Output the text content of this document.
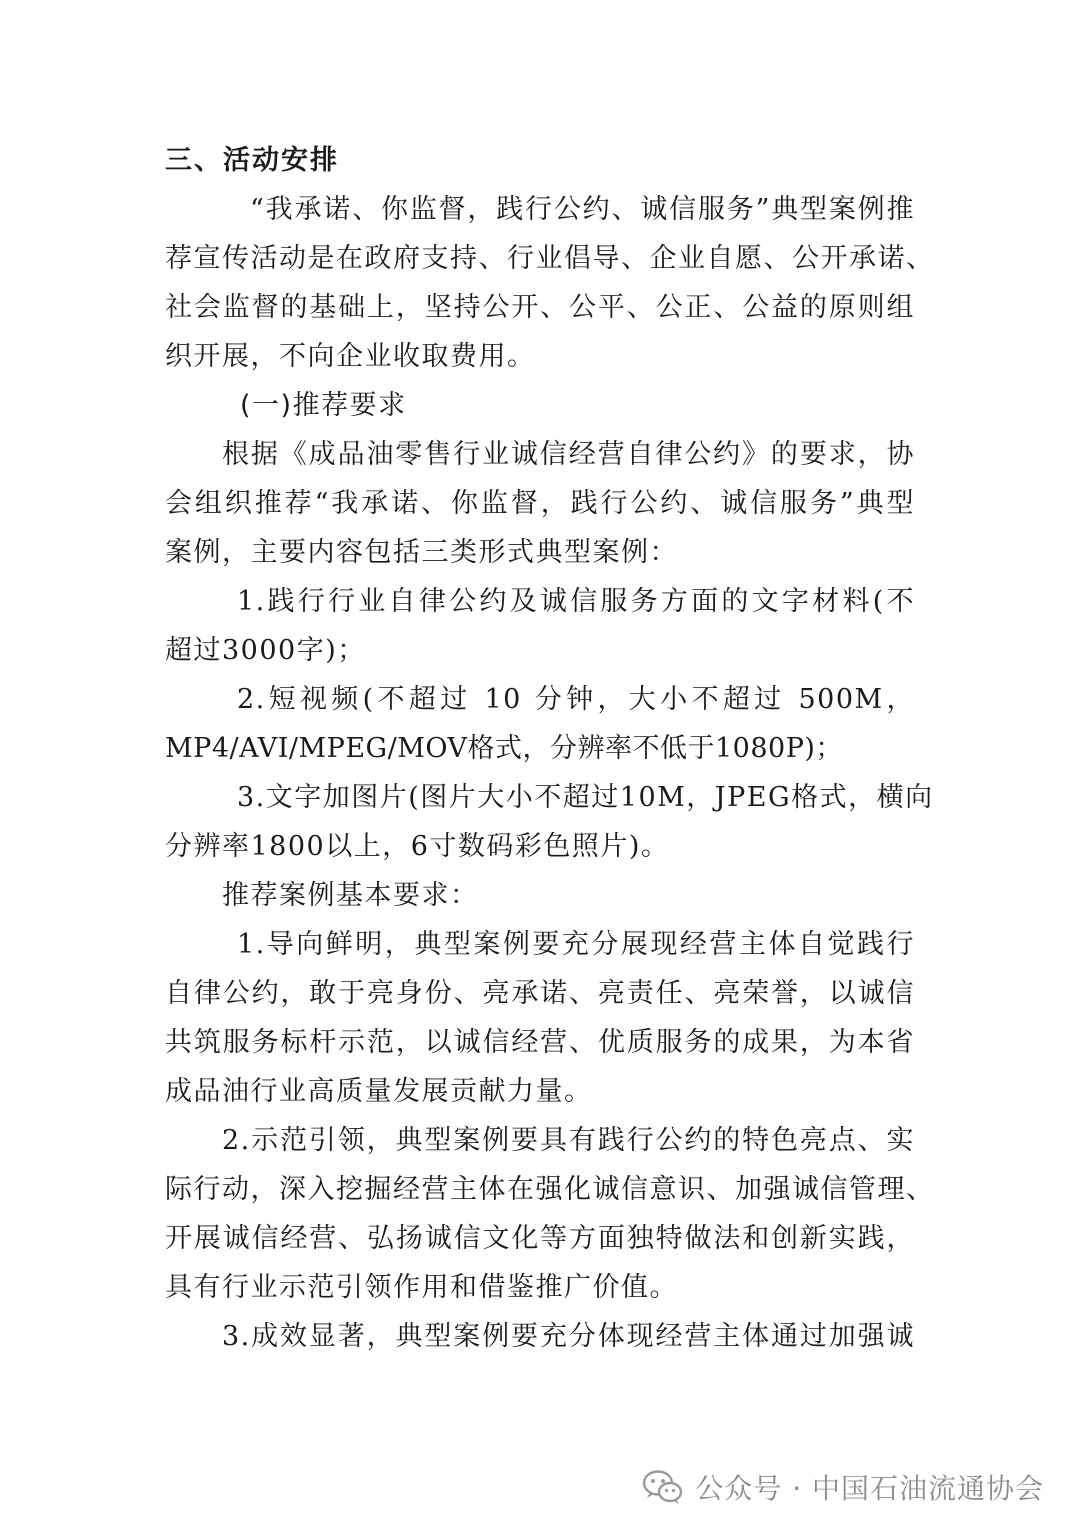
三、活动安排
“我承诺、你监督，践行公约、诚信服务”典型案例推
荐宣传活动是在政府支持、行业倡导、企业自愿、公开承诺、
社会监督的基础上，坚持公开、公平、公正、公益的原则组
织开展，不向企业收取费用。
(一)推荐要求
根据《成品油零售行业诚信经营自律公约》的要求，协
会组织推荐“我承诺、你监督，践行公约、诚信服务”典型
案例，主要内容包括三类形式典型案例：
1.践行行业自律公约及诚信服务方面的文字材料(不
超过3000字)；
2.短视频(不超过 10 分钟，大小不超过 500M，
MP4/AVI/MPEG/MOV格式，分辨率不低于1080P)；
3.文字加图片(图片大小不超过10M，JPEG格式，横向
分辨率1800以上，6寸数码彩色照片)。
推荐案例基本要求：
1.导向鲜明，典型案例要充分展现经营主体自觉践行
自律公约，敢于亮身份、亮承诺、亮责任、亮荣誉，以诚信
共筑服务标杆示范，以诚信经营、优质服务的成果，为本省
成品油行业高质量发展贡献力量。
2.示范引领，典型案例要具有践行公约的特色亮点、实
际行动，深入挖掘经营主体在强化诚信意识、加强诚信管理、
开展诚信经营、弘扬诚信文化等方面独特做法和创新实践，
具有行业示范引领作用和借鉴推广价值。
3.成效显著，典型案例要充分体现经营主体通过加强诚
公众号 · 中国石油流通协会
